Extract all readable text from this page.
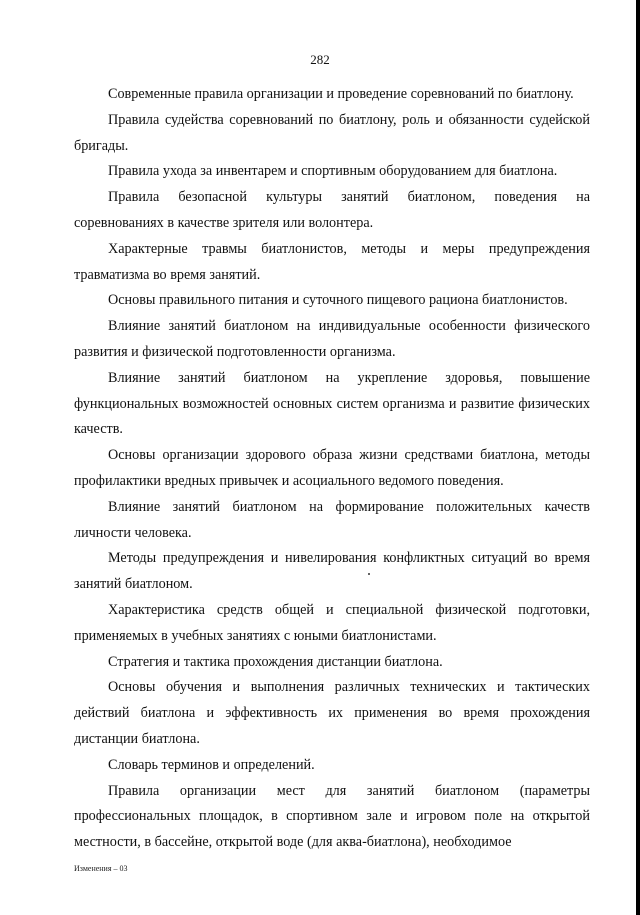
282

Современные правила организации и проведение соревнований по биатлону.

Правила судейства соревнований по биатлону, роль и обязанности судейской бригады.

Правила ухода за инвентарем и спортивным оборудованием для биатлона.

Правила безопасной культуры занятий биатлоном, поведения на соревнованиях в качестве зрителя или волонтера.

Характерные травмы биатлонистов, методы и меры предупреждения травматизма во время занятий.

Основы правильного питания и суточного пищевого рациона биатлонистов.

Влияние занятий биатлоном на индивидуальные особенности физического развития и физической подготовленности организма.

Влияние занятий биатлоном на укрепление здоровья, повышение функциональных возможностей основных систем организма и развитие физических качеств.

Основы организации здорового образа жизни средствами биатлона, методы профилактики вредных привычек и асоциального ведомого поведения.

Влияние занятий биатлоном на формирование положительных качеств личности человека.

Методы предупреждения и нивелирования конфликтных ситуаций во время занятий биатлоном.

Характеристика средств общей и специальной физической подготовки, применяемых в учебных занятиях с юными биатлонистами.

Стратегия и тактика прохождения дистанции биатлона.

Основы обучения и выполнения различных технических и тактических действий биатлона и эффективность их применения во время прохождения дистанции биатлона.

Словарь терминов и определений.

Правила организации мест для занятий биатлоном (параметры профессиональных площадок, в спортивном зале и игровом поле на открытой местности, в бассейне, открытой воде (для аква-биатлона), необходимое

Изменения – 03
